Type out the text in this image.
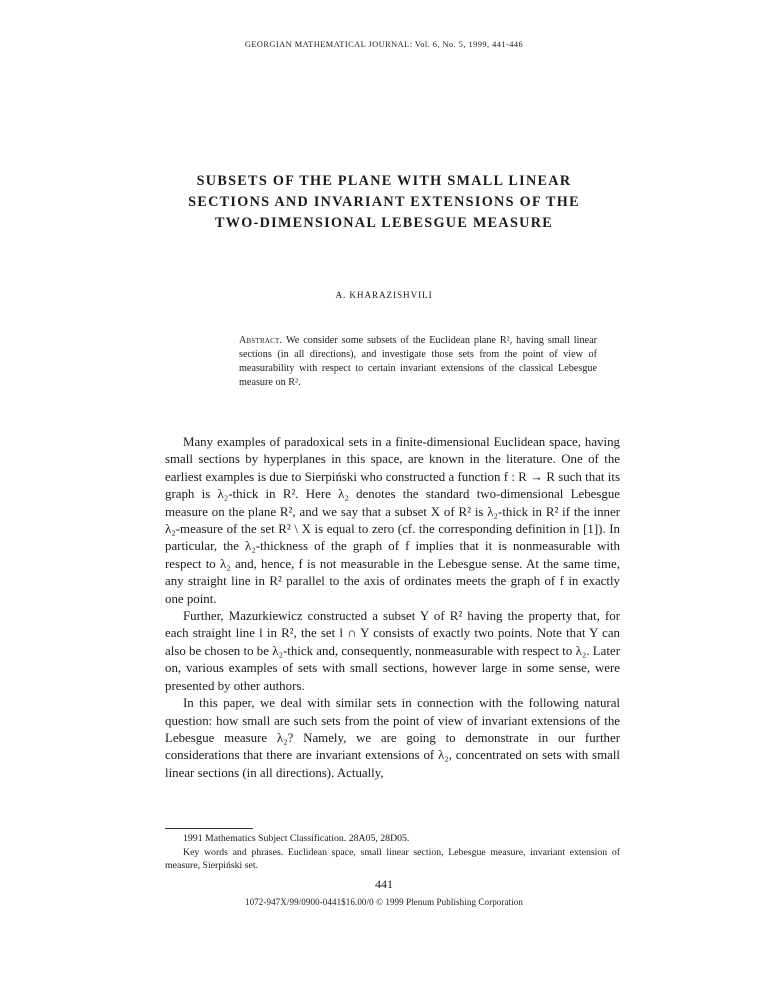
GEORGIAN MATHEMATICAL JOURNAL: Vol. 6, No. 5, 1999, 441-446
SUBSETS OF THE PLANE WITH SMALL LINEAR
SECTIONS AND INVARIANT EXTENSIONS OF THE
TWO-DIMENSIONAL LEBESGUE MEASURE
A. KHARAZISHVILI
Abstract. We consider some subsets of the Euclidean plane R², having small linear sections (in all directions), and investigate those sets from the point of view of measurability with respect to certain invariant extensions of the classical Lebesgue measure on R².

Many examples of paradoxical sets in a finite-dimensional Euclidean space, having small sections by hyperplanes in this space, are known in the literature. One of the earliest examples is due to Sierpiński who constructed a function f : R → R such that its graph is λ₂-thick in R². Here λ₂ denotes the standard two-dimensional Lebesgue measure on the plane R², and we say that a subset X of R² is λ₂-thick in R² if the inner λ₂-measure of the set R² \ X is equal to zero (cf. the corresponding definition in [1]). In particular, the λ₂-thickness of the graph of f implies that it is nonmeasurable with respect to λ₂ and, hence, f is not measurable in the Lebesgue sense. At the same time, any straight line in R² parallel to the axis of ordinates meets the graph of f in exactly one point.

Further, Mazurkiewicz constructed a subset Y of R² having the property that, for each straight line l in R², the set l ∩ Y consists of exactly two points. Note that Y can also be chosen to be λ₂-thick and, consequently, nonmeasurable with respect to λ₂. Later on, various examples of sets with small sections, however large in some sense, were presented by other authors.

In this paper, we deal with similar sets in connection with the following natural question: how small are such sets from the point of view of invariant extensions of the Lebesgue measure λ₂? Namely, we are going to demonstrate in our further considerations that there are invariant extensions of λ₂, concentrated on sets with small linear sections (in all directions). Actually,

1991 Mathematics Subject Classification. 28A05, 28D05.

Key words and phrases. Euclidean space, small linear section, Lebesgue measure, invariant extension of measure, Sierpiński set.

441
1072-947X/99/0900-0441$16.00/0 © 1999 Plenum Publishing Corporation
